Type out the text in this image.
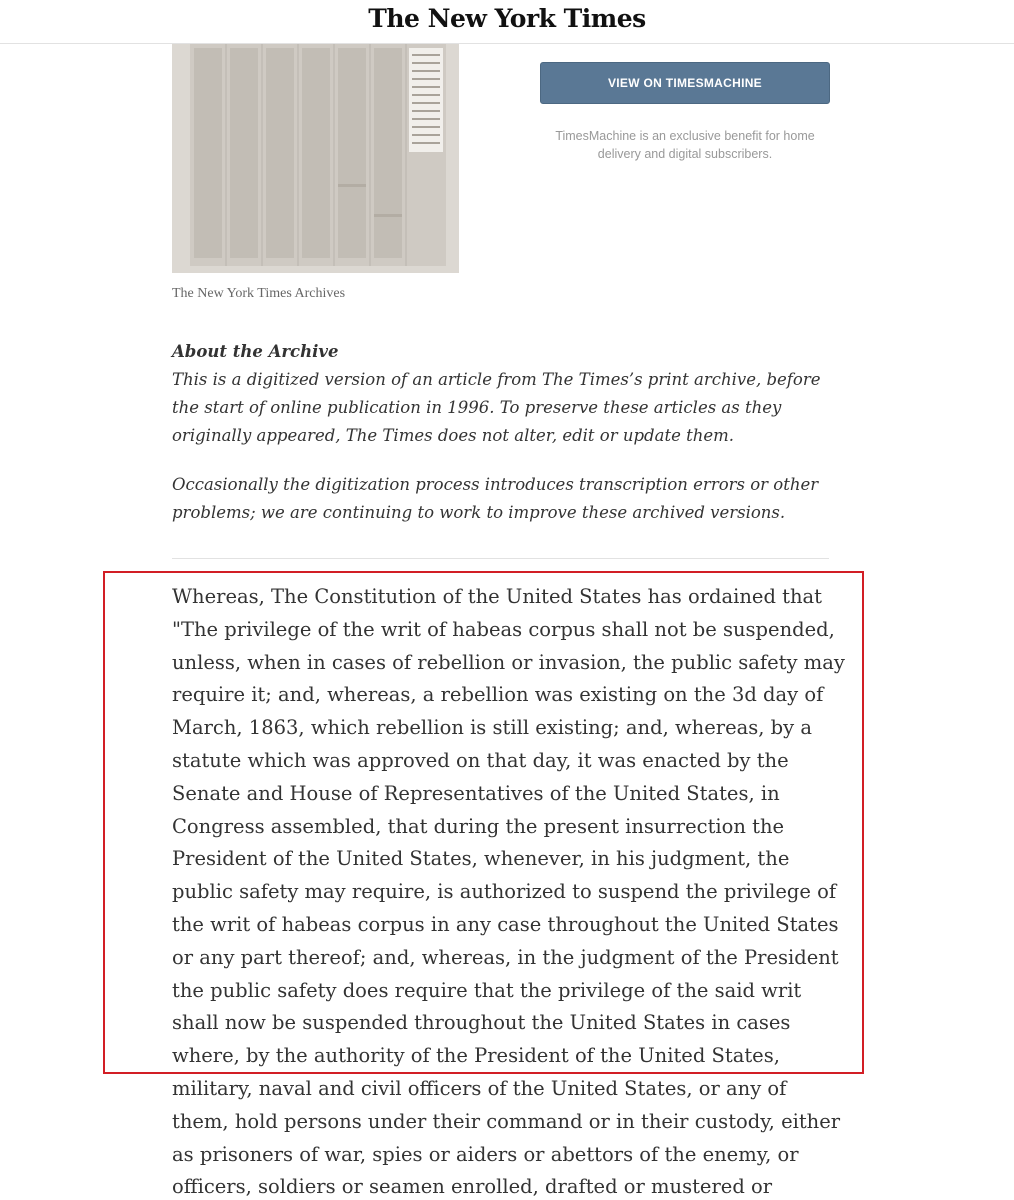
The New York Times
The New York Times Archives
VIEW ON TIMESMACHINE
TimesMachine is an exclusive benefit for home delivery and digital subscribers.
About the Archive

This is a digitized version of an article from The Times’s print archive, before the start of online publication in 1996. To preserve these articles as they originally appeared, The Times does not alter, edit or update them.

Occasionally the digitization process introduces transcription errors or other problems; we are continuing to work to improve these archived versions.

Whereas, The Constitution of the United States has ordained that
"The privilege of the writ of habeas corpus shall not be suspended,
unless, when in cases of rebellion or invasion, the public safety may
require it; and, whereas, a rebellion was existing on the 3d day of
March, 1863, which rebellion is still existing; and, whereas, by a
statute which was approved on that day, it was enacted by the
Senate and House of Representatives of the United States, in
Congress assembled, that during the present insurrection the
President of the United States, whenever, in his judgment, the
public safety may require, is authorized to suspend the privilege of
the writ of habeas corpus in any case throughout the United States
or any part thereof; and, whereas, in the judgment of the President
the public safety does require that the privilege of the said writ
shall now be suspended throughout the United States in cases
where, by the authority of the President of the United States,
military, naval and civil officers of the United States, or any of
them, hold persons under their command or in their custody, either
as prisoners of war, spies or aiders or abettors of the enemy, or
officers, soldiers or seamen enrolled, drafted or mustered or
